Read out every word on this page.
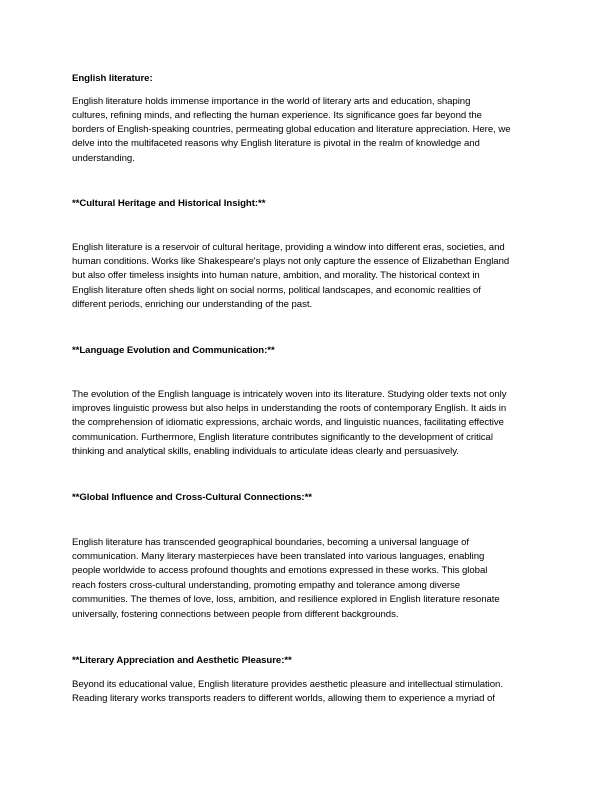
English literature:
English literature holds immense importance in the world of literary arts and education, shaping
cultures, refining minds, and reflecting the human experience. Its significance goes far beyond the
borders of English-speaking countries, permeating global education and literature appreciation. Here, we
delve into the multifaceted reasons why English literature is pivotal in the realm of knowledge and
understanding.
**Cultural Heritage and Historical Insight:**
English literature is a reservoir of cultural heritage, providing a window into different eras, societies, and
human conditions. Works like Shakespeare's plays not only capture the essence of Elizabethan England
but also offer timeless insights into human nature, ambition, and morality. The historical context in
English literature often sheds light on social norms, political landscapes, and economic realities of
different periods, enriching our understanding of the past.
**Language Evolution and Communication:**
The evolution of the English language is intricately woven into its literature. Studying older texts not only
improves linguistic prowess but also helps in understanding the roots of contemporary English. It aids in
the comprehension of idiomatic expressions, archaic words, and linguistic nuances, facilitating effective
communication. Furthermore, English literature contributes significantly to the development of critical
thinking and analytical skills, enabling individuals to articulate ideas clearly and persuasively.
**Global Influence and Cross-Cultural Connections:**
English literature has transcended geographical boundaries, becoming a universal language of
communication. Many literary masterpieces have been translated into various languages, enabling
people worldwide to access profound thoughts and emotions expressed in these works. This global
reach fosters cross-cultural understanding, promoting empathy and tolerance among diverse
communities. The themes of love, loss, ambition, and resilience explored in English literature resonate
universally, fostering connections between people from different backgrounds.
**Literary Appreciation and Aesthetic Pleasure:**
Beyond its educational value, English literature provides aesthetic pleasure and intellectual stimulation.
Reading literary works transports readers to different worlds, allowing them to experience a myriad of
